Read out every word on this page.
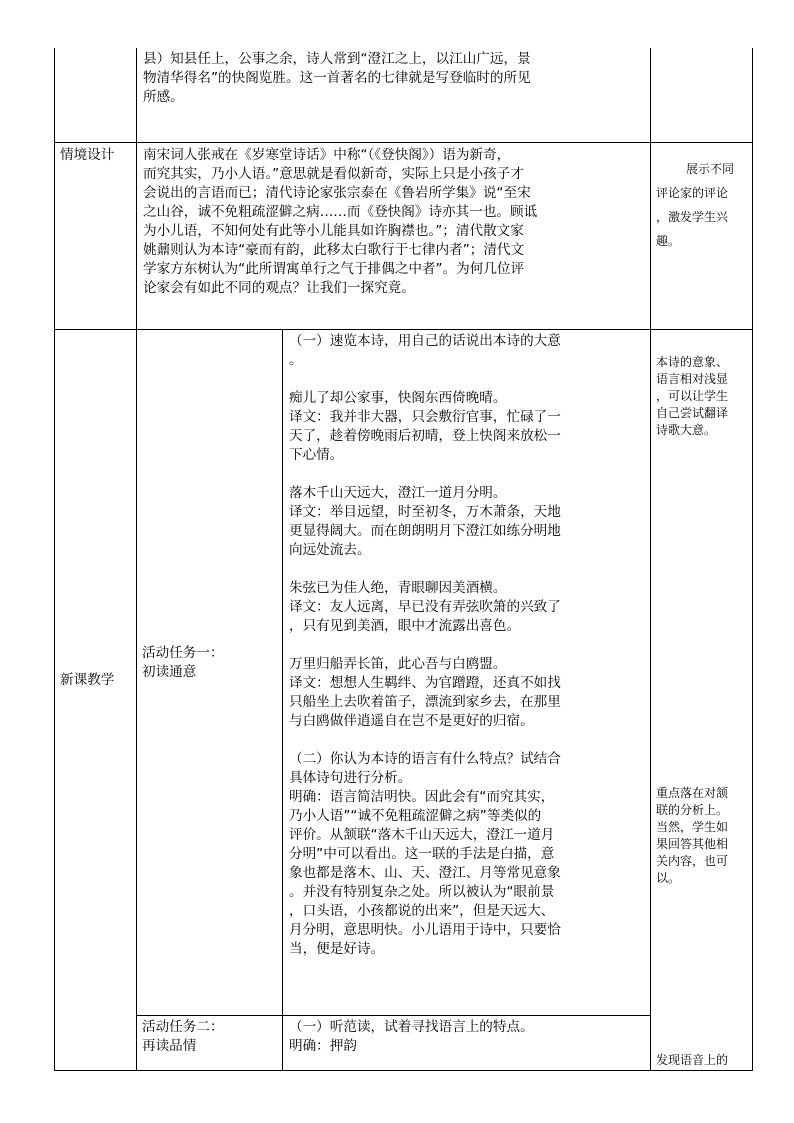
县）知县任上，公事之余，诗人常到“澄江之上，以江山广远，景

物清华得名”的快阁览胜。这一首著名的七律就是写登临时的所见

所感。

情境设计 南宋词人张戒在《岁寒堂诗话》中称“（《登快阁》）语为新奇，

而究其实，乃小人语。”意思就是看似新奇，实际上只是小孩子才

会说出的言语而已；清代诗论家张宗泰在《鲁岩所学集》说“至宋

之山谷，诚不免粗疏涩僻之病……而《登快阁》诗亦其一也。顾诋

为小儿语，不知何处有此等小儿能具如许胸襟也。”；清代散文家

姚鼐则认为本诗“豪而有韵，此移太白歌行于七律内者”；清代文

学家方东树认为“此所谓寓单行之气于排偶之中者”。为何几位评

论家会有如此不同的观点？让我们一探究竟。

展示不同

评论家的评论

，激发学生兴

趣。

新课教学

活动任务一：

初读通意

（一）速览本诗，用自己的话说出本诗的大意

。

痴儿了却公家事，快阁东西倚晚晴。

译文：我并非大器，只会敷衍官事，忙碌了一

天了，趁着傍晚雨后初晴，登上快阁来放松一

下心情。

落木千山天远大，澄江一道月分明。

译文：举目远望，时至初冬，万木萧条，天地

更显得阔大。而在朗朗明月下澄江如练分明地

向远处流去。

朱弦已为佳人绝，青眼聊因美酒横。

译文：友人远离，早已没有弄弦吹箫的兴致了

，只有见到美酒，眼中才流露出喜色。

万里归船弄长笛，此心吾与白鸥盟。

译文：想想人生羁绊、为官蹭蹬，还真不如找

只船坐上去吹着笛子，漂流到家乡去，在那里

与白鸥做伴逍遥自在岂不是更好的归宿。

（二）你认为本诗的语言有什么特点？试结合

具体诗句进行分析。

明确：语言简洁明快。因此会有“而究其实，

乃小人语”“诚不免粗疏涩僻之病”等类似的

评价。从颔联“落木千山天远大，澄江一道月

分明”中可以看出。这一联的手法是白描，意

象也都是落木、山、天、澄江、月等常见意象

。并没有特别复杂之处。所以被认为“眼前景

，口头语，小孩都说的出来”，但是天远大、

月分明，意思明快。小儿语用于诗中，只要恰

当，便是好诗。

活动任务二：

再读品情

（一）听范读，试着寻找语言上的特点。

明确：押韵

本诗的意象、

语言相对浅显

，可以让学生

自己尝试翻译

诗歌大意。

重点落在对颔

联的分析上。

当然，学生如

果回答其他相

关内容，也可

以。

发现语音上的
